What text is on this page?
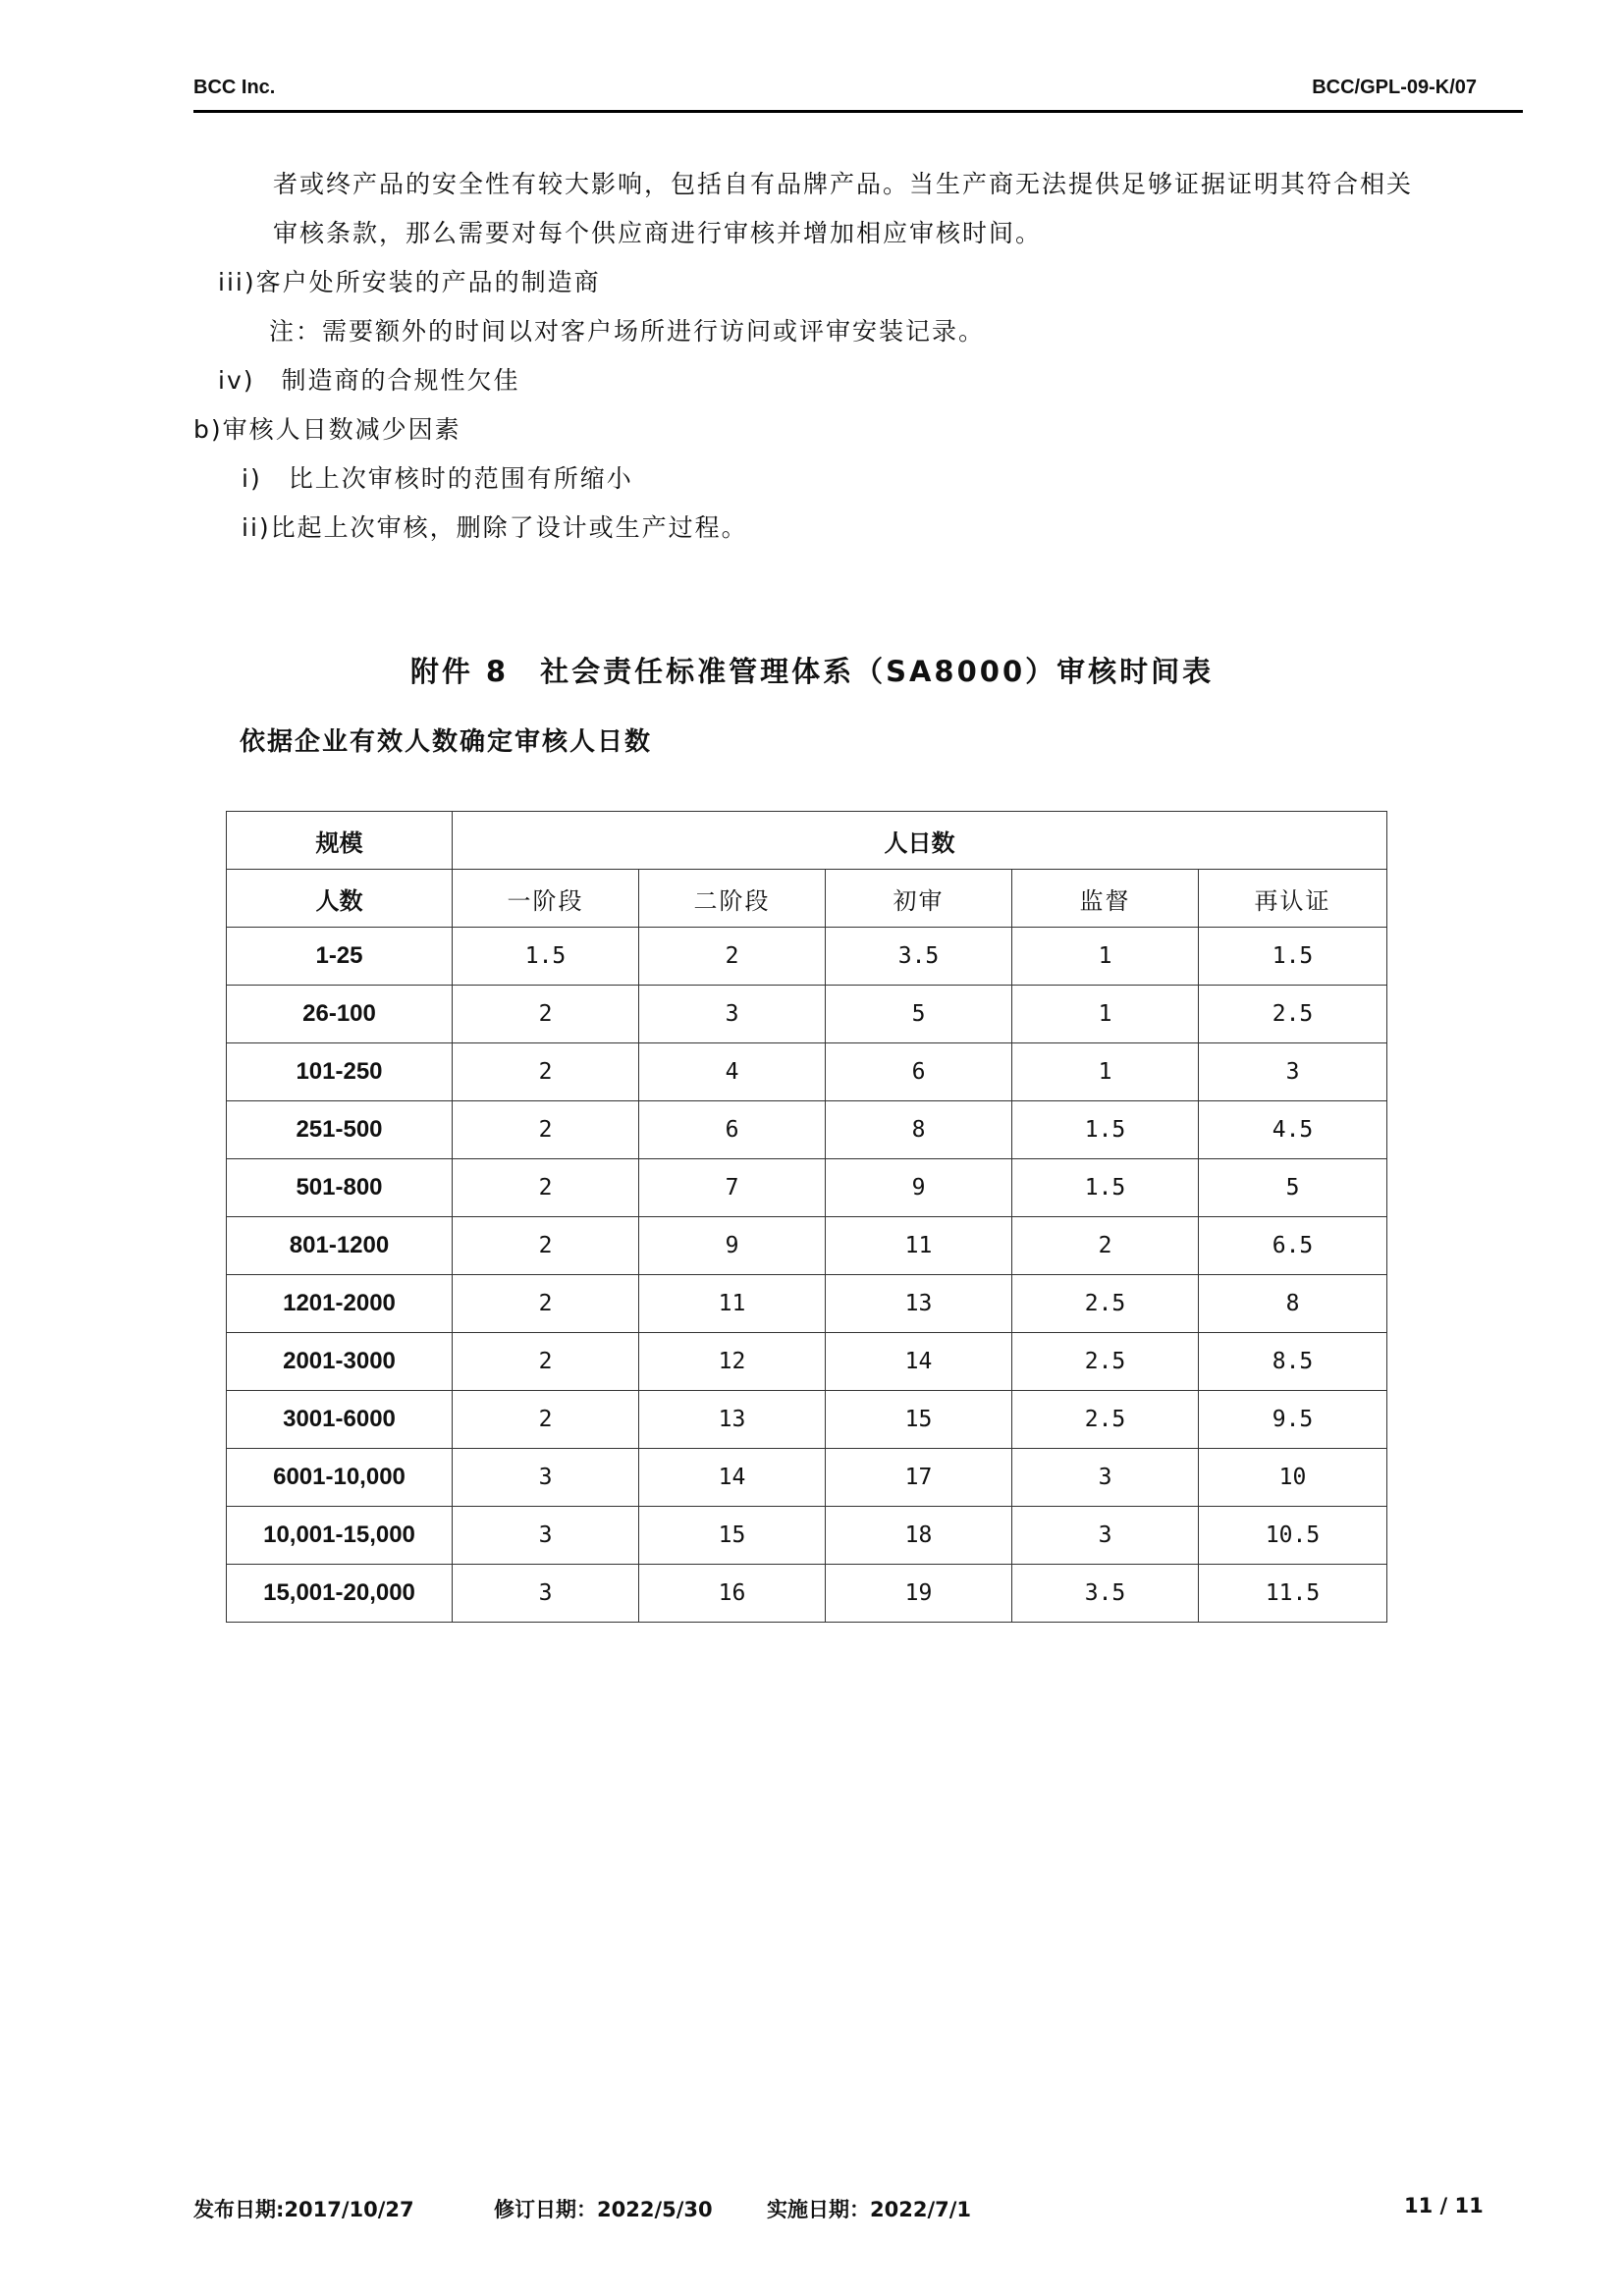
BCC Inc.	BCC/GPL-09-K/07
者或终产品的安全性有较大影响，包括自有品牌产品。当生产商无法提供足够证据证明其符合相关
审核条款，那么需要对每个供应商进行审核并增加相应审核时间。
iii)客户处所安装的产品的制造商
注：需要额外的时间以对客户场所进行访问或评审安装记录。
iv)　制造商的合规性欠佳
b)审核人日数减少因素
i)　比上次审核时的范围有所缩小
ii)比起上次审核，删除了设计或生产过程。
附件 8　社会责任标准管理体系（SA8000）审核时间表
依据企业有效人数确定审核人日数
规模	人日数				
人数	一阶段	二阶段	初审	监督	再认证
1-25	1.5	2	3.5	1	1.5
26-100	2	3	5	1	2.5
101-250	2	4	6	1	3
251-500	2	6	8	1.5	4.5
501-800	2	7	9	1.5	5
801-1200	2	9	11	2	6.5
1201-2000	2	11	13	2.5	8
2001-3000	2	12	14	2.5	8.5
3001-6000	2	13	15	2.5	9.5
6001-10,000	3	14	17	3	10
10,001-15,000	3	15	18	3	10.5
15,001-20,000	3	16	19	3.5	11.5
发布日期:2017/10/27	修订日期：2022/5/30	实施日期：2022/7/1	11 / 11
